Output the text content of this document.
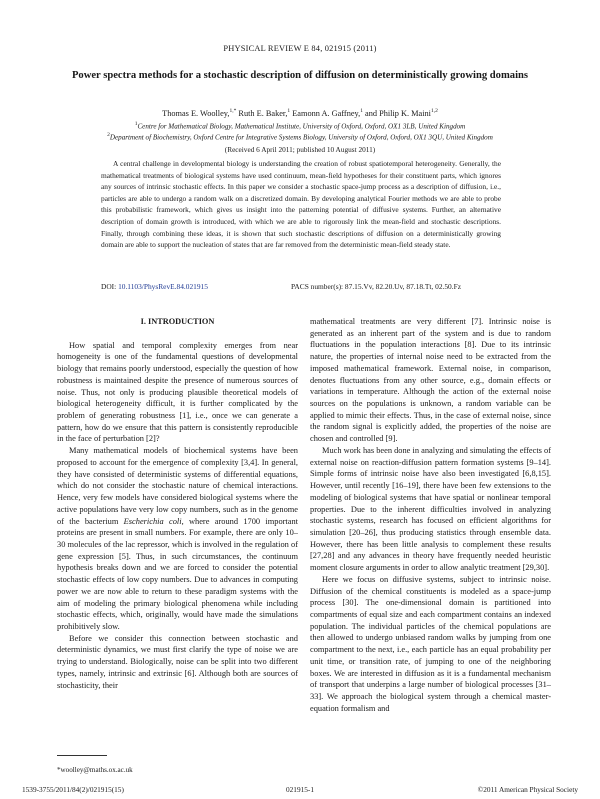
PHYSICAL REVIEW E 84, 021915 (2011)
Power spectra methods for a stochastic description of diffusion on deterministically growing domains
Thomas E. Woolley,$^{1,*}$ Ruth E. Baker,$^1$ Eamonn A. Gaffney,$^1$ and Philip K. Maini$^{1,2}$
$^1$Centre for Mathematical Biology, Mathematical Institute, University of Oxford, Oxford, OX1 3LB, United Kingdom
$^2$Department of Biochemistry, Oxford Centre for Integrative Systems Biology, University of Oxford, Oxford, OX1 3QU, United Kingdom
(Received 6 April 2011; published 10 August 2011)

A central challenge in developmental biology is understanding the creation of robust spatiotemporal heterogeneity. Generally, the mathematical treatments of biological systems have used continuum, mean-field hypotheses for their constituent parts, which ignores any sources of intrinsic stochastic effects. In this paper we consider a stochastic space-jump process as a description of diffusion, i.e., particles are able to undergo a random walk on a discretized domain. By developing analytical Fourier methods we are able to probe this probabilistic framework, which gives us insight into the patterning potential of diffusive systems. Further, an alternative description of domain growth is introduced, with which we are able to rigorously link the mean-field and stochastic descriptions. Finally, through combining these ideas, it is shown that such stochastic descriptions of diffusion on a deterministically growing domain are able to support the nucleation of states that are far removed from the deterministic mean-field steady state.

DOI: 10.1103/PhysRevE.84.021915	PACS number(s): 87.15.Vv, 82.20.Uv, 87.18.Tt, 02.50.Fz
I. INTRODUCTION

How spatial and temporal complexity emerges from near homogeneity is one of the fundamental questions of developmental biology that remains poorly understood, especially the question of how robustness is maintained despite the presence of numerous sources of noise. Thus, not only is producing plausible theoretical models of biological heterogeneity difficult, it is further complicated by the problem of generating robustness [1], i.e., once we can generate a pattern, how do we ensure that this pattern is consistently reproducible in the face of perturbation [2]?

Many mathematical models of biochemical systems have been proposed to account for the emergence of complexity [3,4]. In general, they have consisted of deterministic systems of differential equations, which do not consider the stochastic nature of chemical interactions. Hence, very few models have considered biological systems where the active populations have very low copy numbers, such as in the genome of the bacterium Escherichia coli, where around 1700 important proteins are present in small numbers. For example, there are only 10–30 molecules of the lac repressor, which is involved in the regulation of gene expression [5]. Thus, in such circumstances, the continuum hypothesis breaks down and we are forced to consider the potential stochastic effects of low copy numbers. Due to advances in computing power we are now able to return to these paradigm systems with the aim of modeling the primary biological phenomena while including stochastic effects, which, originally, would have made the simulations prohibitively slow.

Before we consider this connection between stochastic and deterministic dynamics, we must first clarify the type of noise we are trying to understand. Biologically, noise can be split into two different types, namely, intrinsic and extrinsic [6]. Although both are sources of stochasticity, their

mathematical treatments are very different [7]. Intrinsic noise is generated as an inherent part of the system and is due to random fluctuations in the population interactions [8]. Due to its intrinsic nature, the properties of internal noise need to be extracted from the imposed mathematical framework. External noise, in comparison, denotes fluctuations from any other source, e.g., domain effects or variations in temperature. Although the action of the external noise sources on the populations is unknown, a random variable can be applied to mimic their effects. Thus, in the case of external noise, since the random signal is explicitly added, the properties of the noise are chosen and controlled [9].

Much work has been done in analyzing and simulating the effects of external noise on reaction-diffusion pattern formation systems [9–14]. Simple forms of intrinsic noise have also been investigated [6,8,15]. However, until recently [16–19], there have been few extensions to the modeling of biological systems that have spatial or nonlinear temporal properties. Due to the inherent difficulties involved in analyzing stochastic systems, research has focused on efficient algorithms for simulation [20–26], thus producing statistics through ensemble data. However, there has been little analysis to complement these results [27,28] and any advances in theory have frequently needed heuristic moment closure arguments in order to allow analytic treatment [29,30].

Here we focus on diffusive systems, subject to intrinsic noise. Diffusion of the chemical constituents is modeled as a space-jump process [30]. The one-dimensional domain is partitioned into compartments of equal size and each compartment contains an indexed population. The individual particles of the chemical populations are then allowed to undergo unbiased random walks by jumping from one compartment to the next, i.e., each particle has an equal probability per unit time, or transition rate, of jumping to one of the neighboring boxes. We are interested in diffusion as it is a fundamental mechanism of transport that underpins a large number of biological processes [31–33]. We approach the biological system through a chemical master-equation formalism and

*woolley@maths.ox.ac.uk
1539-3755/2011/84(2)/021915(15)	021915-1	©2011 American Physical Society
